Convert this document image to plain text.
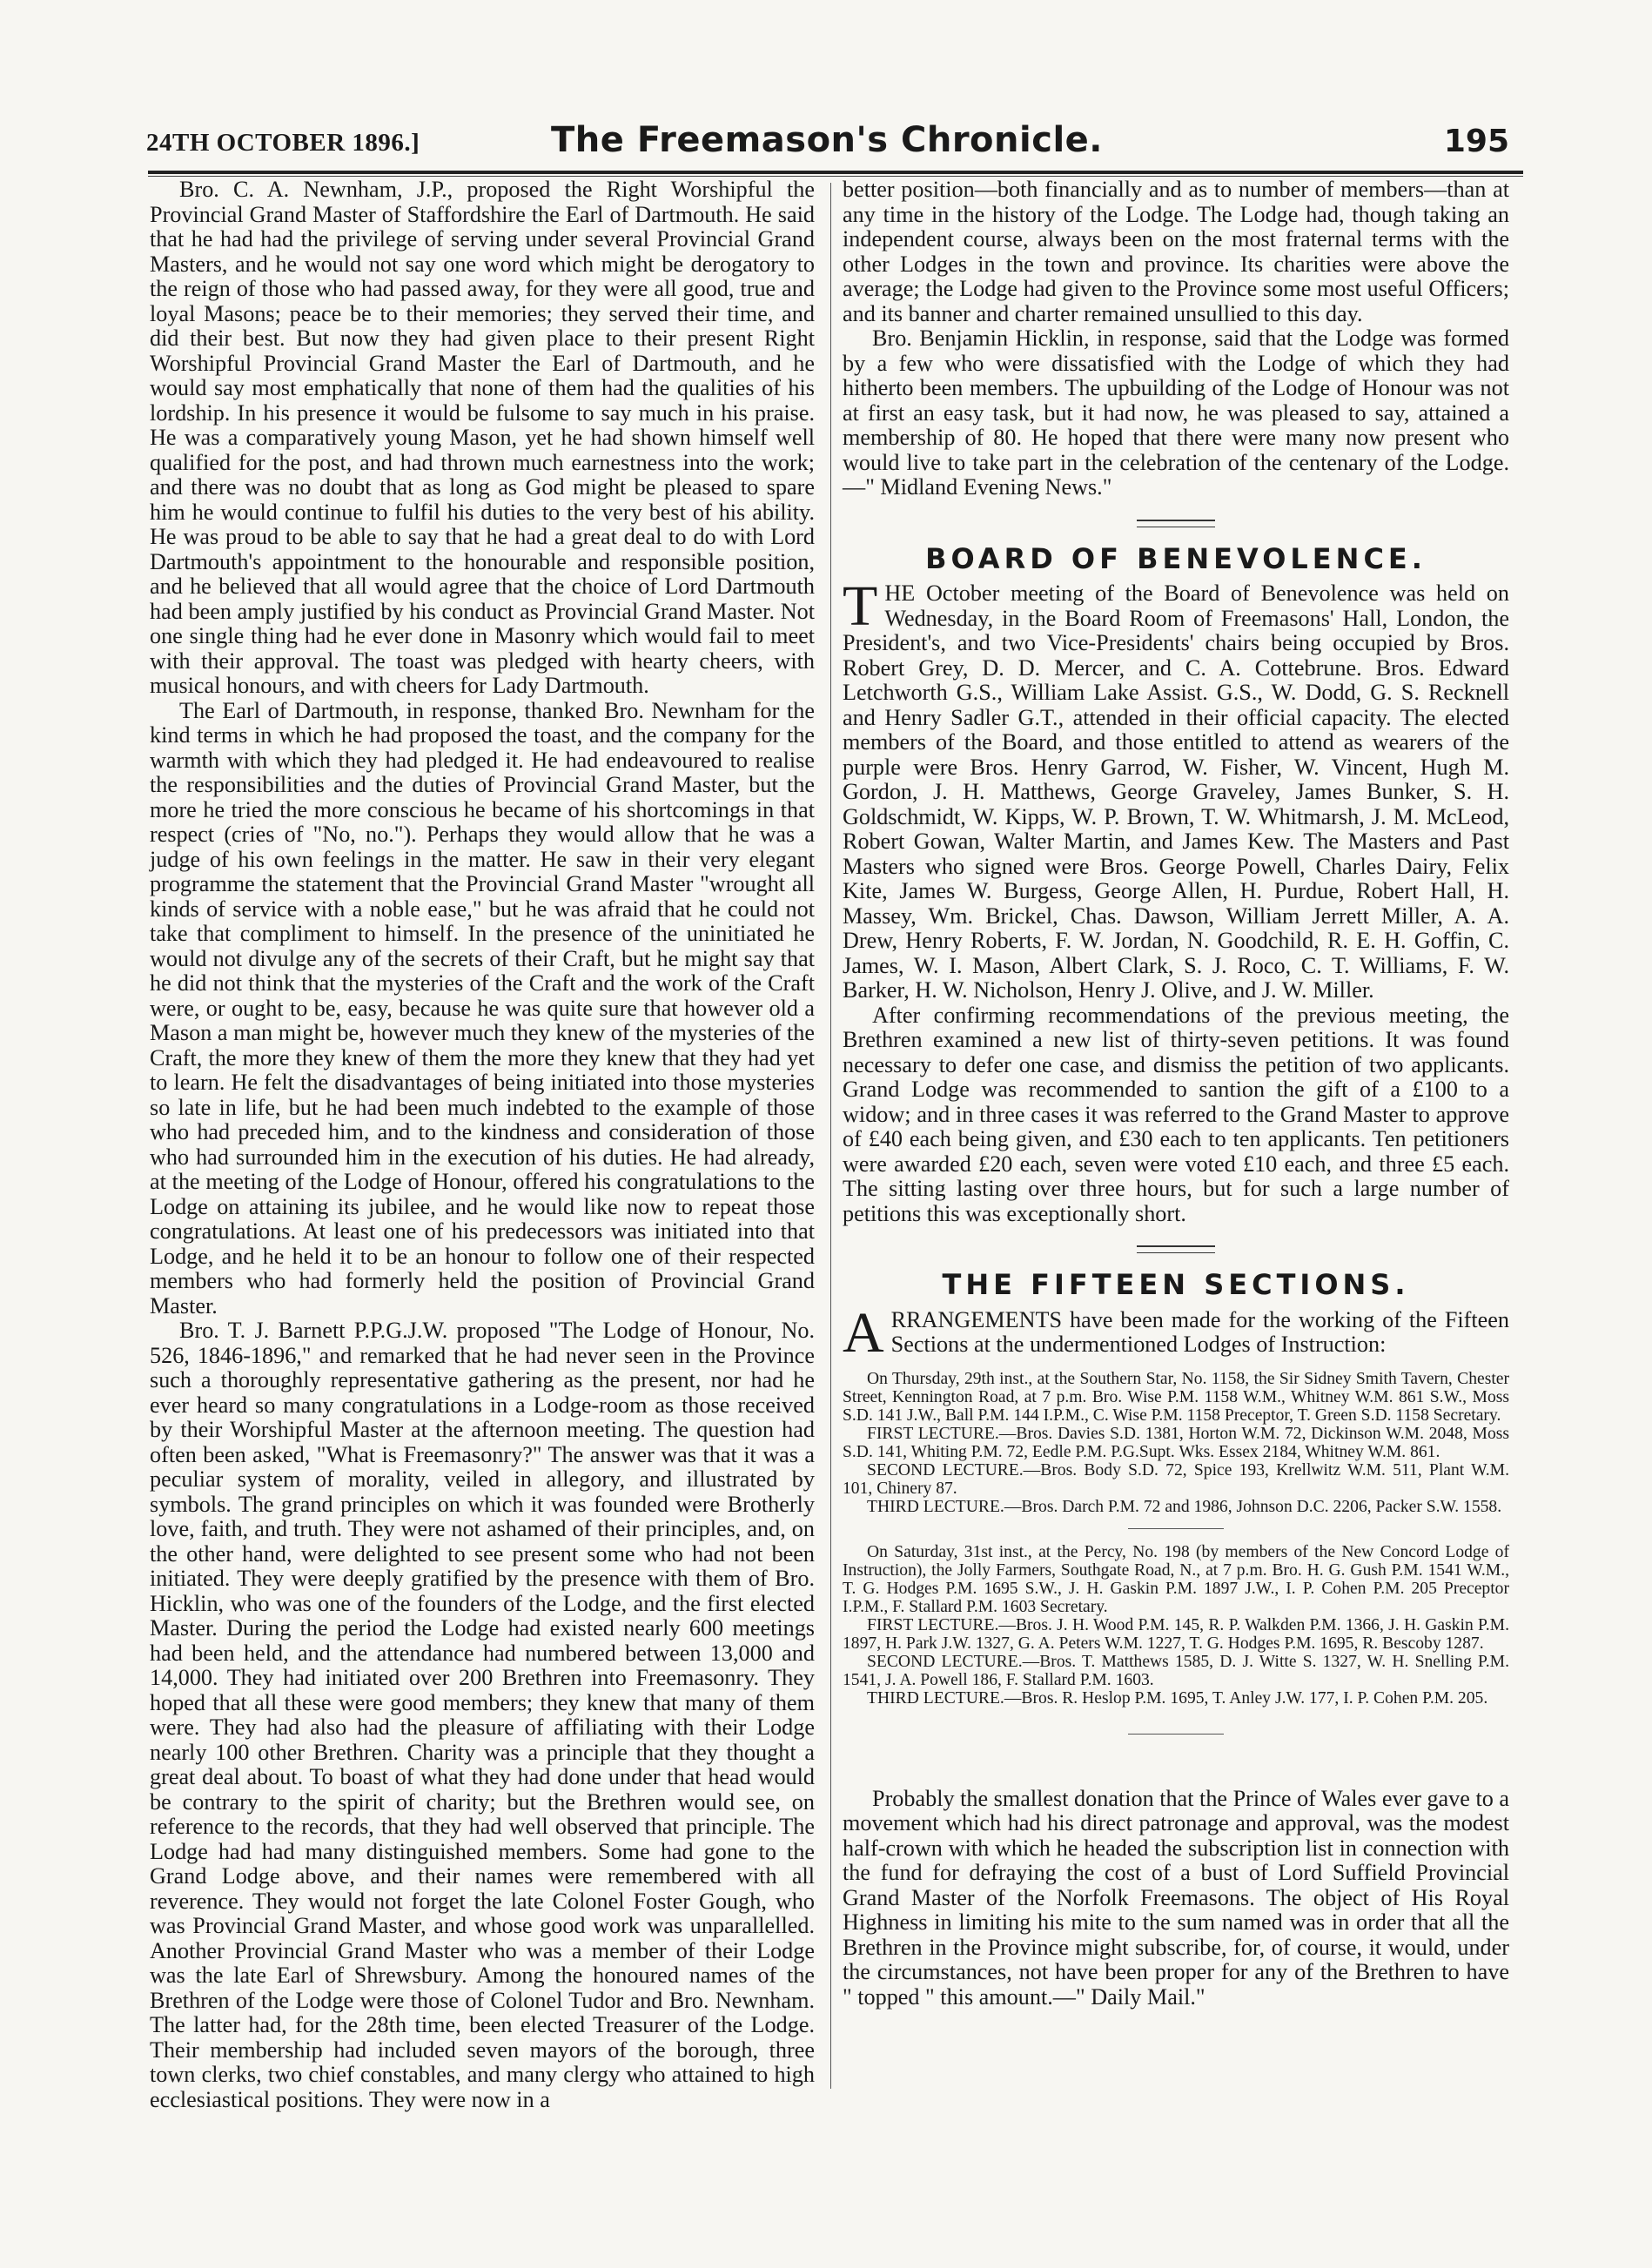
24TH OCTOBER 1896.]	The Freemason's Chronicle.	195

Bro. C. A. Newnham, J.P., proposed the Right Worshipful the Provincial Grand Master of Staffordshire the Earl of Dartmouth. He said that he had had the privilege of serving under several Provincial Grand Masters, and he would not say one word which might be derogatory to the reign of those who had passed away, for they were all good, true and loyal Masons; peace be to their memories; they served their time, and did their best. But now they had given place to their present Right Worshipful Provincial Grand Master the Earl of Dartmouth, and he would say most emphatically that none of them had the qualities of his lordship. In his presence it would be fulsome to say much in his praise. He was a comparatively young Mason, yet he had shown himself well qualified for the post, and had thrown much earnestness into the work; and there was no doubt that as long as God might be pleased to spare him he would continue to fulfil his duties to the very best of his ability. He was proud to be able to say that he had a great deal to do with Lord Dartmouth's appointment to the honourable and responsible position, and he believed that all would agree that the choice of Lord Dartmouth had been amply justified by his conduct as Provincial Grand Master. Not one single thing had he ever done in Masonry which would fail to meet with their approval. The toast was pledged with hearty cheers, with musical honours, and with cheers for Lady Dartmouth.

The Earl of Dartmouth, in response, thanked Bro. Newnham for the kind terms in which he had proposed the toast, and the company for the warmth with which they had pledged it. He had endeavoured to realise the responsibilities and the duties of Provincial Grand Master, but the more he tried the more conscious he became of his shortcomings in that respect (cries of "No, no."). Perhaps they would allow that he was a judge of his own feelings in the matter. He saw in their very elegant programme the statement that the Provincial Grand Master "wrought all kinds of service with a noble ease," but he was afraid that he could not take that compliment to himself. In the presence of the uninitiated he would not divulge any of the secrets of their Craft, but he might say that he did not think that the mysteries of the Craft and the work of the Craft were, or ought to be, easy, because he was quite sure that however old a Mason a man might be, however much they knew of the mysteries of the Craft, the more they knew of them the more they knew that they had yet to learn. He felt the disadvantages of being initiated into those mysteries so late in life, but he had been much indebted to the example of those who had preceded him, and to the kindness and consideration of those who had surrounded him in the execution of his duties. He had already, at the meeting of the Lodge of Honour, offered his congratulations to the Lodge on attaining its jubilee, and he would like now to repeat those congratulations. At least one of his predecessors was initiated into that Lodge, and he held it to be an honour to follow one of their respected members who had formerly held the position of Provincial Grand Master.

Bro. T. J. Barnett P.P.G.J.W. proposed "The Lodge of Honour, No. 526, 1846-1896," and remarked that he had never seen in the Province such a thoroughly representative gathering as the present, nor had he ever heard so many congratulations in a Lodge-room as those received by their Worshipful Master at the afternoon meeting. The question had often been asked, "What is Freemasonry?" The answer was that it was a peculiar system of morality, veiled in allegory, and illustrated by symbols. The grand principles on which it was founded were Brotherly love, faith, and truth. They were not ashamed of their principles, and, on the other hand, were delighted to see present some who had not been initiated. They were deeply gratified by the presence with them of Bro. Hicklin, who was one of the founders of the Lodge, and the first elected Master. During the period the Lodge had existed nearly 600 meetings had been held, and the attendance had numbered between 13,000 and 14,000. They had initiated over 200 Brethren into Freemasonry. They hoped that all these were good members; they knew that many of them were. They had also had the pleasure of affiliating with their Lodge nearly 100 other Brethren. Charity was a principle that they thought a great deal about. To boast of what they had done under that head would be contrary to the spirit of charity; but the Brethren would see, on reference to the records, that they had well observed that principle. The Lodge had had many distinguished members. Some had gone to the Grand Lodge above, and their names were remembered with all reverence. They would not forget the late Colonel Foster Gough, who was Provincial Grand Master, and whose good work was unparallelled. Another Provincial Grand Master who was a member of their Lodge was the late Earl of Shrewsbury. Among the honoured names of the Brethren of the Lodge were those of Colonel Tudor and Bro. Newnham. The latter had, for the 28th time, been elected Treasurer of the Lodge. Their membership had included seven mayors of the borough, three town clerks, two chief constables, and many clergy who attained to high ecclesiastical positions. They were now in a

better position—both financially and as to number of members—than at any time in the history of the Lodge. The Lodge had, though taking an independent course, always been on the most fraternal terms with the other Lodges in the town and province. Its charities were above the average; the Lodge had given to the Province some most useful Officers; and its banner and charter remained unsullied to this day.

Bro. Benjamin Hicklin, in response, said that the Lodge was formed by a few who were dissatisfied with the Lodge of which they had hitherto been members. The upbuilding of the Lodge of Honour was not at first an easy task, but it had now, he was pleased to say, attained a membership of 80. He hoped that there were many now present who would live to take part in the celebration of the centenary of the Lodge.—" Midland Evening News."

BOARD OF BENEVOLENCE.

THE October meeting of the Board of Benevolence was held on Wednesday, in the Board Room of Freemasons' Hall, London, the President's, and two Vice-Presidents' chairs being occupied by Bros. Robert Grey, D. D. Mercer, and C. A. Cottebrune. Bros. Edward Letchworth G.S., William Lake Assist. G.S., W. Dodd, G. S. Recknell and Henry Sadler G.T., attended in their official capacity. The elected members of the Board, and those entitled to attend as wearers of the purple were Bros. Henry Garrod, W. Fisher, W. Vincent, Hugh M. Gordon, J. H. Matthews, George Graveley, James Bunker, S. H. Goldschmidt, W. Kipps, W. P. Brown, T. W. Whitmarsh, J. M. McLeod, Robert Gowan, Walter Martin, and James Kew. The Masters and Past Masters who signed were Bros. George Powell, Charles Dairy, Felix Kite, James W. Burgess, George Allen, H. Purdue, Robert Hall, H. Massey, Wm. Brickel, Chas. Dawson, William Jerrett Miller, A. A. Drew, Henry Roberts, F. W. Jordan, N. Goodchild, R. E. H. Goffin, C. James, W. I. Mason, Albert Clark, S. J. Roco, C. T. Williams, F. W. Barker, H. W. Nicholson, Henry J. Olive, and J. W. Miller.

After confirming recommendations of the previous meeting, the Brethren examined a new list of thirty-seven petitions. It was found necessary to defer one case, and dismiss the petition of two applicants. Grand Lodge was recommended to santion the gift of a £100 to a widow; and in three cases it was referred to the Grand Master to approve of £40 each being given, and £30 each to ten applicants. Ten petitioners were awarded £20 each, seven were voted £10 each, and three £5 each. The sitting lasting over three hours, but for such a large number of petitions this was exceptionally short.

THE FIFTEEN SECTIONS.

ARRANGEMENTS have been made for the working of the Fifteen Sections at the undermentioned Lodges of Instruction:

On Thursday, 29th inst., at the Southern Star, No. 1158, the Sir Sidney Smith Tavern, Chester Street, Kennington Road, at 7 p.m. Bro. Wise P.M. 1158 W.M., Whitney W.M. 861 S.W., Moss S.D. 141 J.W., Ball P.M. 144 I.P.M., C. Wise P.M. 1158 Preceptor, T. Green S.D. 1158 Secretary.

FIRST LECTURE.—Bros. Davies S.D. 1381, Horton W.M. 72, Dickinson W.M. 2048, Moss S.D. 141, Whiting P.M. 72, Eedle P.M. P.G.Supt. Wks. Essex 2184, Whitney W.M. 861.

SECOND LECTURE.—Bros. Body S.D. 72, Spice 193, Krellwitz W.M. 511, Plant W.M. 101, Chinery 87.

THIRD LECTURE.—Bros. Darch P.M. 72 and 1986, Johnson D.C. 2206, Packer S.W. 1558.

On Saturday, 31st inst., at the Percy, No. 198 (by members of the New Concord Lodge of Instruction), the Jolly Farmers, Southgate Road, N., at 7 p.m. Bro. H. G. Gush P.M. 1541 W.M., T. G. Hodges P.M. 1695 S.W., J. H. Gaskin P.M. 1897 J.W., I. P. Cohen P.M. 205 Preceptor I.P.M., F. Stallard P.M. 1603 Secretary.

FIRST LECTURE.—Bros. J. H. Wood P.M. 145, R. P. Walkden P.M. 1366, J. H. Gaskin P.M. 1897, H. Park J.W. 1327, G. A. Peters W.M. 1227, T. G. Hodges P.M. 1695, R. Bescoby 1287.

SECOND LECTURE.—Bros. T. Matthews 1585, D. J. Witte S. 1327, W. H. Snelling P.M. 1541, J. A. Powell 186, F. Stallard P.M. 1603.

THIRD LECTURE.—Bros. R. Heslop P.M. 1695, T. Anley J.W. 177, I. P. Cohen P.M. 205.

Probably the smallest donation that the Prince of Wales ever gave to a movement which had his direct patronage and approval, was the modest half-crown with which he headed the subscription list in connection with the fund for defraying the cost of a bust of Lord Suffield Provincial Grand Master of the Norfolk Freemasons. The object of His Royal Highness in limiting his mite to the sum named was in order that all the Brethren in the Province might subscribe, for, of course, it would, under the circumstances, not have been proper for any of the Brethren to have " topped " this amount.—" Daily Mail."
